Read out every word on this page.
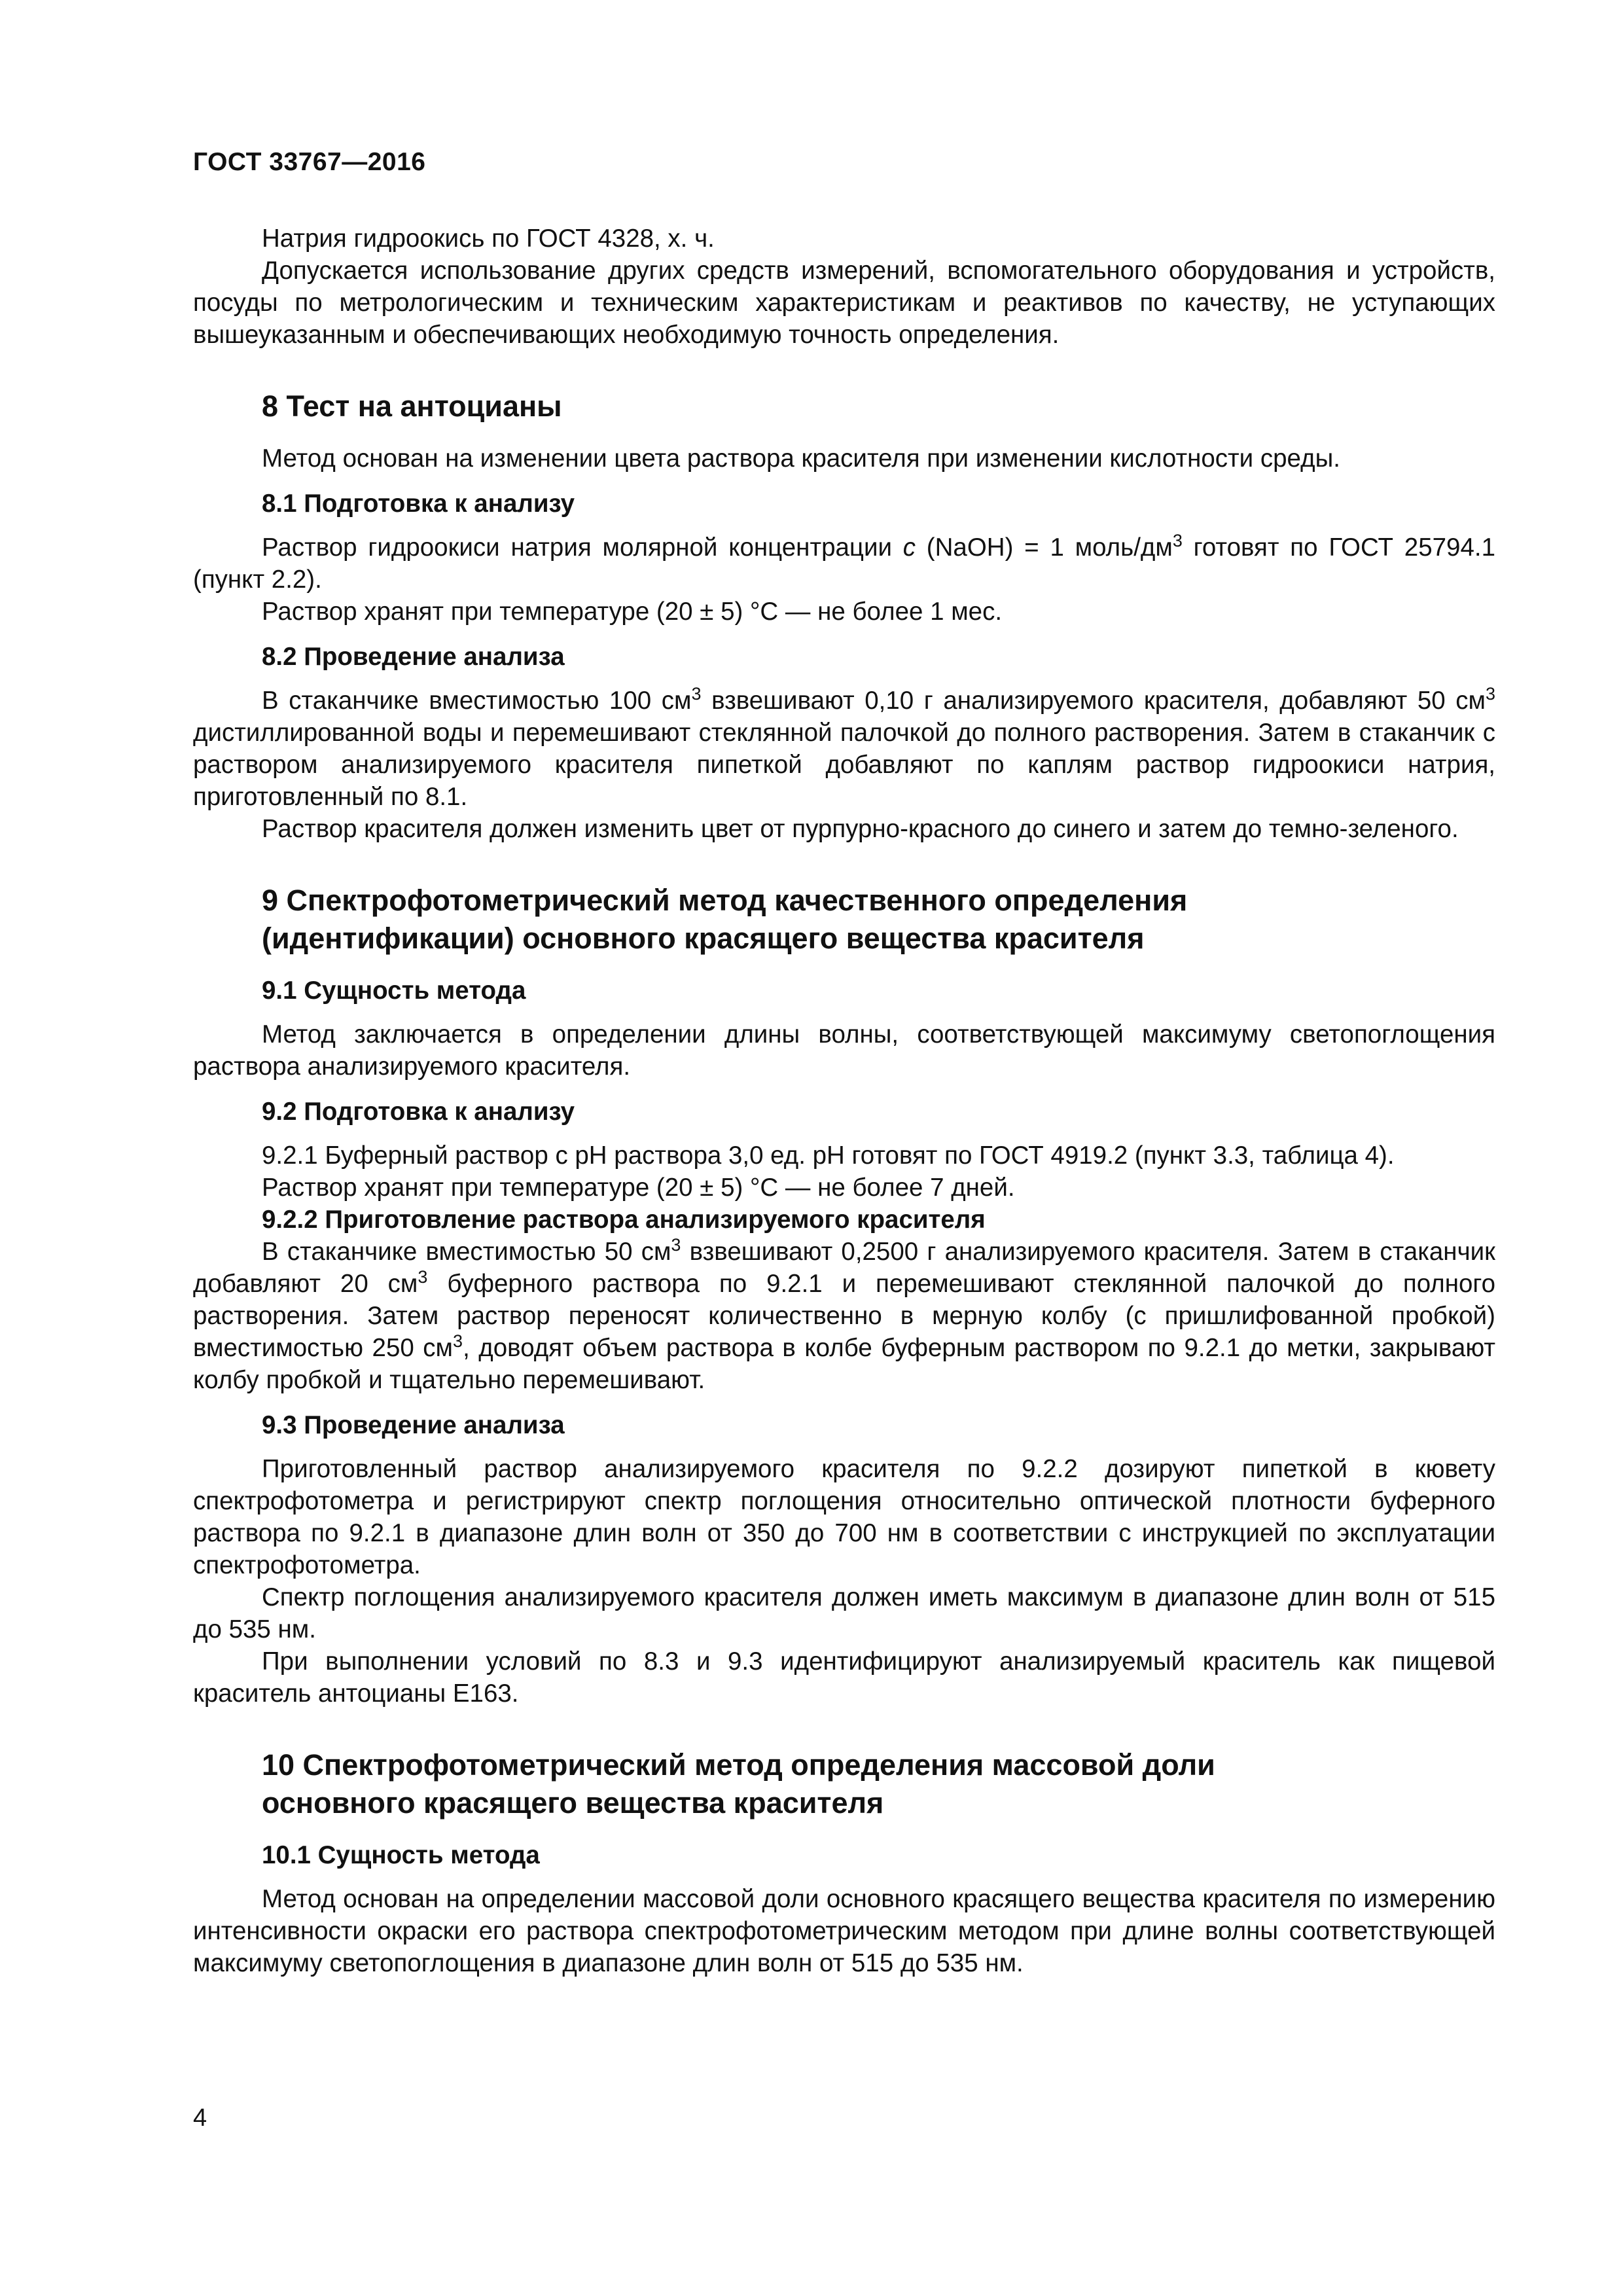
ГОСТ 33767—2016

Натрия гидроокись по ГОСТ 4328, х. ч.

Допускается использование других средств измерений, вспомогательного оборудования и устройств, посуды по метрологическим и техническим характеристикам и реактивов по качеству, не уступающих вышеуказанным и обеспечивающих необходимую точность определения.

8 Тест на антоцианы

Метод основан на изменении цвета раствора красителя при изменении кислотности среды.

8.1 Подготовка к анализу

Раствор гидроокиси натрия молярной концентрации с (NaOH) = 1 моль/$дм^3$ готовят по ГОСТ 25794.1 (пункт 2.2).

Раствор хранят при температуре (20 ± 5) °С — не более 1 мес.

8.2 Проведение анализа

В стаканчике вместимостью 100 $см^3$ взвешивают 0,10 г анализируемого красителя, добавляют 50 $см^3$ дистиллированной воды и перемешивают стеклянной палочкой до полного растворения. Затем в стаканчик с раствором анализируемого красителя пипеткой добавляют по каплям раствор гидроокиси натрия, приготовленный по 8.1.

Раствор красителя должен изменить цвет от пурпурно-красного до синего и затем до темно-зеленого.

9 Спектрофотометрический метод качественного определения
(идентификации) основного красящего вещества красителя
9.1 Сущность метода

Метод заключается в определении длины волны, соответствующей максимуму светопоглощения раствора анализируемого красителя.

9.2 Подготовка к анализу

9.2.1 Буферный раствор с рН раствора 3,0 ед. рН готовят по ГОСТ 4919.2 (пункт 3.3, таблица 4).

Раствор хранят при температуре (20 ± 5) °С — не более 7 дней.

9.2.2 Приготовление раствора анализируемого красителя

В стаканчике вместимостью 50 $см^3$ взвешивают 0,2500 г анализируемого красителя. Затем в стаканчик добавляют 20 $см^3$ буферного раствора по 9.2.1 и перемешивают стеклянной палочкой до полного растворения. Затем раствор переносят количественно в мерную колбу (с пришлифованной пробкой) вместимостью 250 $см^3$, доводят объем раствора в колбе буферным раствором по 9.2.1 до метки, закрывают колбу пробкой и тщательно перемешивают.

9.3 Проведение анализа

Приготовленный раствор анализируемого красителя по 9.2.2 дозируют пипеткой в кювету спектрофотометра и регистрируют спектр поглощения относительно оптической плотности буферного раствора по 9.2.1 в диапазоне длин волн от 350 до 700 нм в соответствии с инструкцией по эксплуатации спектрофотометра.

Спектр поглощения анализируемого красителя должен иметь максимум в диапазоне длин волн от 515 до 535 нм.

При выполнении условий по 8.3 и 9.3 идентифицируют анализируемый краситель как пищевой краситель антоцианы Е163.

10 Спектрофотометрический метод определения массовой доли
основного красящего вещества красителя
10.1 Сущность метода

Метод основан на определении массовой доли основного красящего вещества красителя по измерению интенсивности окраски его раствора спектрофотометрическим методом при длине волны соответствующей максимуму светопоглощения в диапазоне длин волн от 515 до 535 нм.

4
